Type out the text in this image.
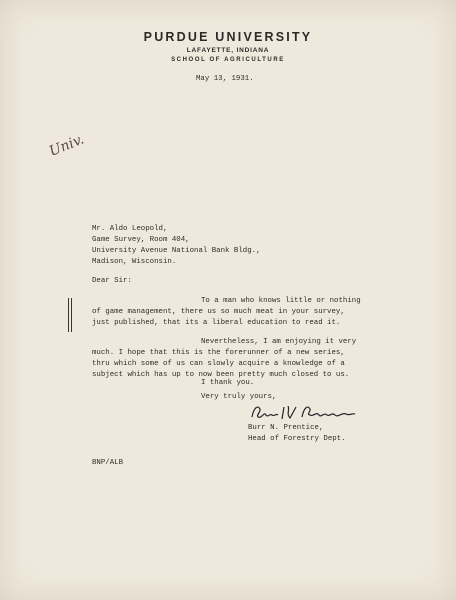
PURDUE UNIVERSITY
LAFAYETTE, INDIANA
SCHOOL OF AGRICULTURE
May 13, 1931.
Univ.
Mr. Aldo Leopold,
Game Survey, Room 404,
University Avenue National Bank Bldg.,
Madison, Wisconsin.
Dear Sir:
To a man who knows little or nothing
of game management, there us so much meat in your survey,
just published, that its a liberal education to read it.
Nevertheless, I am enjoying it very
much. I hope that this is the forerunner of a new series,
thru which some of us can slowly acquire a knowledge of a
subject which has up to now been pretty much closed to us.
I thank you.
Very truly yours,
Burr N. Prentice,
Head of Forestry Dept.
BNP/ALB
